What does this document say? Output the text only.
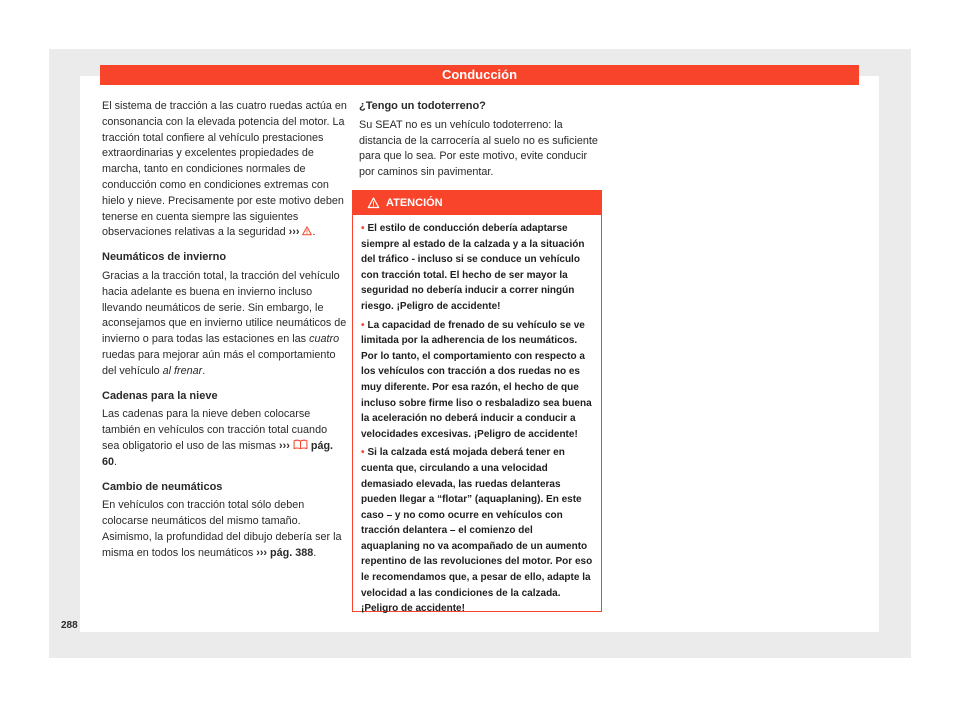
Conducción

El sistema de tracción a las cuatro ruedas actúa en consonancia con la elevada potencia del motor. La tracción total confiere al vehículo prestaciones extraordinarias y excelentes propiedades de marcha, tanto en condiciones normales de conducción como en condiciones extremas con hielo y nieve. Precisamente por este motivo deben tenerse en cuenta siempre las siguientes observaciones relativas a la seguridad ››› .

Neumáticos de invierno

Gracias a la tracción total, la tracción del vehículo hacia adelante es buena en invierno incluso llevando neumáticos de serie. Sin embargo, le aconsejamos que en invierno utilice neumáticos de invierno o para todas las estaciones en las cuatro ruedas para mejorar aún más el comportamiento del vehículo al frenar.

Cadenas para la nieve

Las cadenas para la nieve deben colocarse también en vehículos con tracción total cuando sea obligatorio el uso de las mismas ››› pág. 60.

Cambio de neumáticos

En vehículos con tracción total sólo deben colocarse neumáticos del mismo tamaño. Asimismo, la profundidad del dibujo debería ser la misma en todos los neumáticos ››› pág. 388.

¿Tengo un todoterreno?

Su SEAT no es un vehículo todoterreno: la distancia de la carrocería al suelo no es suficiente para que lo sea. Por este motivo, evite conducir por caminos sin pavimentar.

ATENCIÓN

• El estilo de conducción debería adaptarse siempre al estado de la calzada y a la situación del tráfico - incluso si se conduce un vehículo con tracción total. El hecho de ser mayor la seguridad no debería inducir a correr ningún riesgo. ¡Peligro de accidente!

• La capacidad de frenado de su vehículo se ve limitada por la adherencia de los neumáticos. Por lo tanto, el comportamiento con respecto a los vehículos con tracción a dos ruedas no es muy diferente. Por esa razón, el hecho de que incluso sobre firme liso o resbaladizo sea buena la aceleración no deberá inducir a conducir a velocidades excesivas. ¡Peligro de accidente!

• Si la calzada está mojada deberá tener en cuenta que, circulando a una velocidad demasiado elevada, las ruedas delanteras pueden llegar a “flotar” (aquaplaning). En este caso – y no como ocurre en vehículos con tracción delantera – el comienzo del aquaplaning no va acompañado de un aumento repentino de las revoluciones del motor. Por eso le recomendamos que, a pesar de ello, adapte la velocidad a las condiciones de la calzada. ¡Peligro de accidente!

288
